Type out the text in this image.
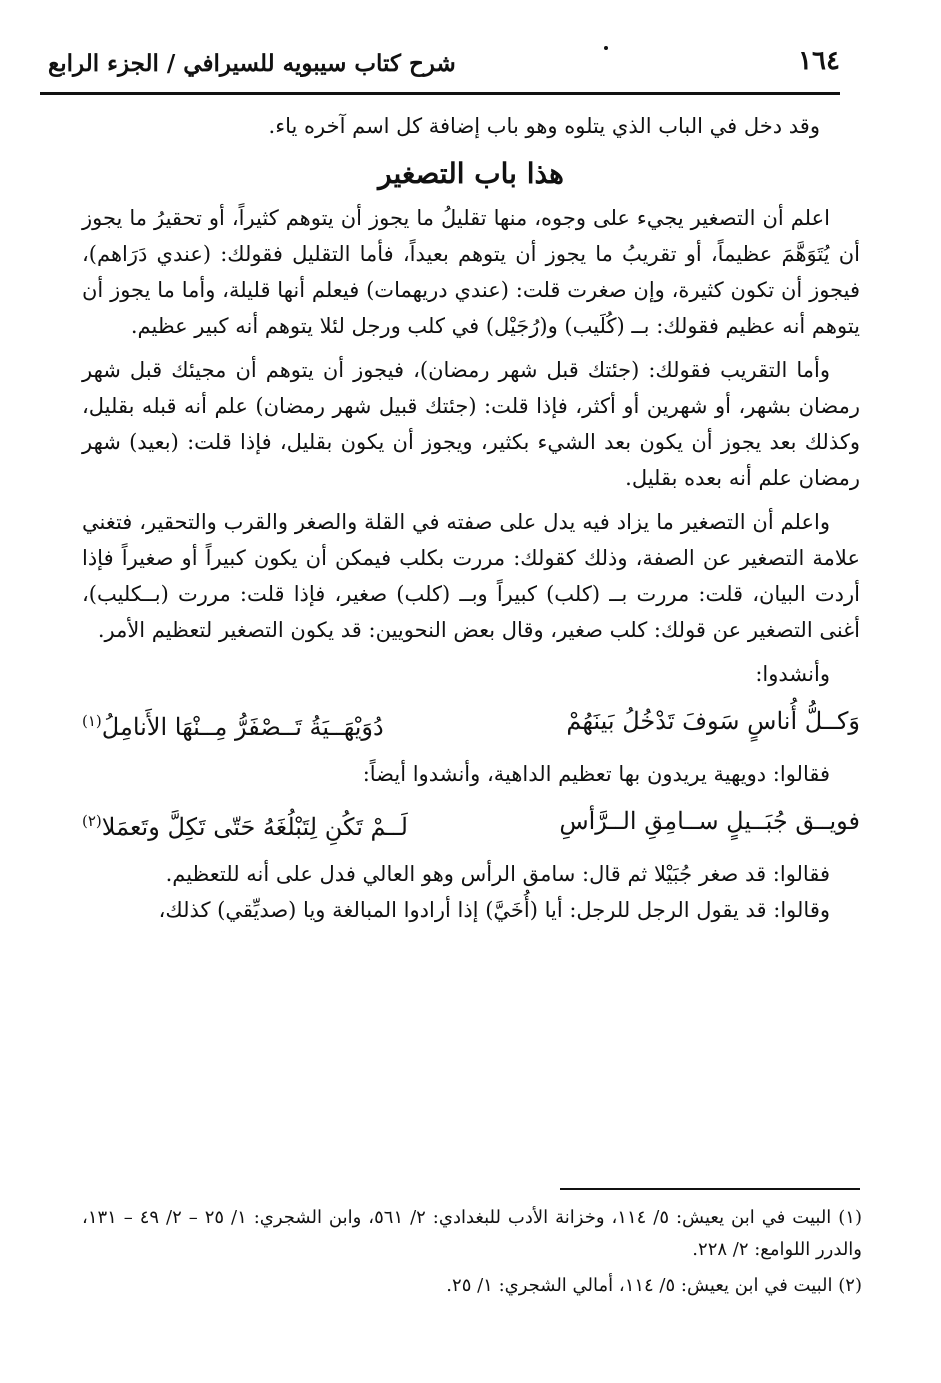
١٦٤
شرح كتاب سيبويه للسيرافي / الجزء الرابع

وقد دخل في الباب الذي يتلوه وهو باب إضافة كل اسم آخره ياء.

هذا باب التصغير

اعلم أن التصغير يجيء على وجوه، منها تقليلُ ما يجوز أن يتوهم كثيراً، أو تحقيرُ ما يجوز أن يُتَوَهَّمَ عظيماً، أو تقريبُ ما يجوز أن يتوهم بعيداً، فأما التقليل فقولك: (عندي دَرَاهم)، فيجوز أن تكون كثيرة، وإن صغرت قلت: (عندي دريهمات) فيعلم أنها قليلة، وأما ما يجوز أن يتوهم أنه عظيم فقولك: بــ (كُلَيب) و(رُجَيْل) في كلب ورجل لئلا يتوهم أنه كبير عظيم.

وأما التقريب فقولك: (جئتك قبل شهر رمضان)، فيجوز أن يتوهم أن مجيئك قبل شهر رمضان بشهر، أو شهرين أو أكثر، فإذا قلت: (جئتك قبيل شهر رمضان) علم أنه قبله بقليل، وكذلك بعد يجوز أن يكون بعد الشيء بكثير، ويجوز أن يكون بقليل، فإذا قلت: (بعيد) شهر رمضان علم أنه بعده بقليل.

واعلم أن التصغير ما يزاد فيه يدل على صفته في القلة والصغر والقرب والتحقير، فتغني علامة التصغير عن الصفة، وذلك كقولك: مررت بكلب فيمكن أن يكون كبيراً أو صغيراً فإذا أردت البيان، قلت: مررت بــ (كلب) كبيراً وبــ (كلب) صغير، فإذا قلت: مررت (بــكليب)، أغنى التصغير عن قولك: كلب صغير، وقال بعض النحويين: قد يكون التصغير لتعظيم الأمر.

وأنشدوا:

وَكــلُّ أُناسٍ سَوفَ تَدْخُلُ بَينَهُمْ
دُوَيْهَــيَةُ تَــصْفَرُّ مِــنْهَا الأَنامِلُ$^{(١)}$

فقالوا: دويهية يريدون بها تعظيم الداهية، وأنشدوا أيضاً:

فويــق جُبَــيلٍ ســامِقِ الــرَّأسِ
لَــمْ تَكُنِ لِتَبْلُغَهُ حَتّى تَكِلَّ وتَعمَلا$^{(٢)}$

فقالوا: قد صغر جُبَيْلا ثم قال: سامق الرأس وهو العالي فدل على أنه للتعظيم.

وقالوا: قد يقول الرجل للرجل: أيا (أُخَيَّ) إذا أرادوا المبالغة ويا (صديِّقي) كذلك،

(١) البيت في ابن يعيش: ٥/ ١١٤، وخزانة الأدب للبغدادي: ٢/ ٥٦١، وابن الشجري: ١/ ٢٥ – ٢/ ٤٩ – ١٣١، والدرر اللوامع: ٢/ ٢٢٨.

(٢) البيت في ابن يعيش: ٥/ ١١٤، أمالي الشجري: ١/ ٢٥.
